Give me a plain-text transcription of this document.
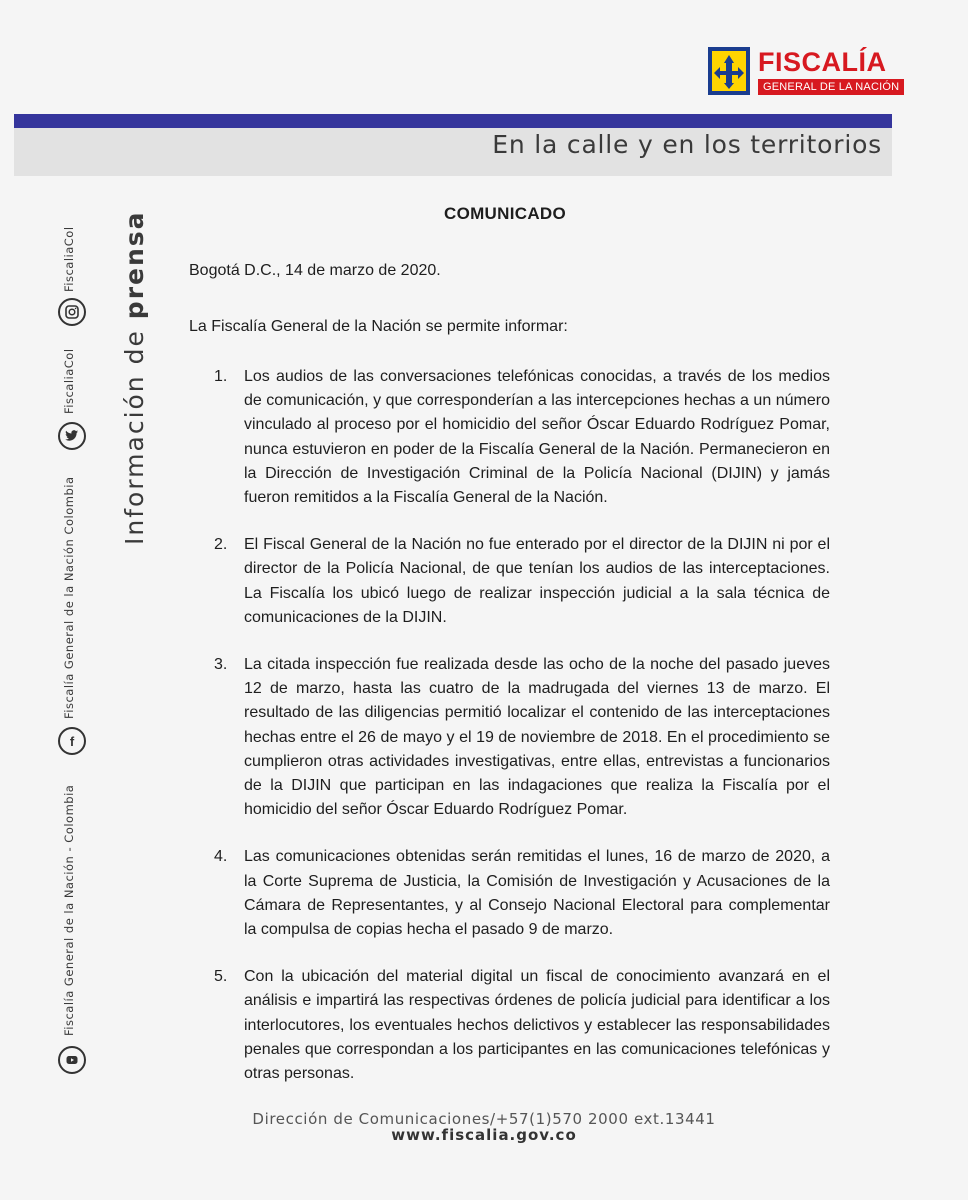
FISCALÍA
GENERAL DE LA NACIÓN
En la calle y en los territorios
Información de prensa
FiscaliaCol
FiscaliaCol
f
Fiscalía General de la Nación Colombia
Fiscalía General de la Nación - Colombia
COMUNICADO
Bogotá D.C., 14 de marzo de 2020.
La Fiscalía General de la Nación se permite informar:
1.	Los audios de las conversaciones telefónicas conocidas, a través de los medios de comunicación, y que corresponderían a las intercepciones hechas a un número vinculado al proceso por el homicidio del señor Óscar Eduardo Rodríguez Pomar, nunca estuvieron en poder de la Fiscalía General de la Nación. Permanecieron en la Dirección de Investigación Criminal de la Policía Nacional (DIJIN) y jamás fueron remitidos a la Fiscalía General de la Nación.
2.	El Fiscal General de la Nación no fue enterado por el director de la DIJIN ni por el director de la Policía Nacional, de que tenían los audios de las interceptaciones. La Fiscalía los ubicó luego de realizar inspección judicial a la sala técnica de comunicaciones de la DIJIN.
3.	La citada inspección fue realizada desde las ocho de la noche del pasado jueves 12 de marzo, hasta las cuatro de la madrugada del viernes 13 de marzo. El resultado de las diligencias permitió localizar el contenido de las interceptaciones hechas entre el 26 de mayo y el 19 de noviembre de 2018. En el procedimiento se cumplieron otras actividades investigativas, entre ellas, entrevistas a funcionarios de la DIJIN que participan en las indagaciones que realiza la Fiscalía por el homicidio del señor Óscar Eduardo Rodríguez Pomar.
4.	Las comunicaciones obtenidas serán remitidas el lunes, 16 de marzo de 2020, a la Corte Suprema de Justicia, la Comisión de Investigación y Acusaciones de la Cámara de Representantes, y al Consejo Nacional Electoral para complementar la compulsa de copias hecha el pasado 9 de marzo.
5.	Con la ubicación del material digital un fiscal de conocimiento avanzará en el análisis e impartirá las respectivas órdenes de policía judicial para identificar a los interlocutores, los eventuales hechos delictivos y establecer las responsabilidades penales que correspondan a los participantes en las comunicaciones telefónicas y otras personas.
Dirección de Comunicaciones/+57(1)570 2000 ext.13441
www.fiscalia.gov.co
